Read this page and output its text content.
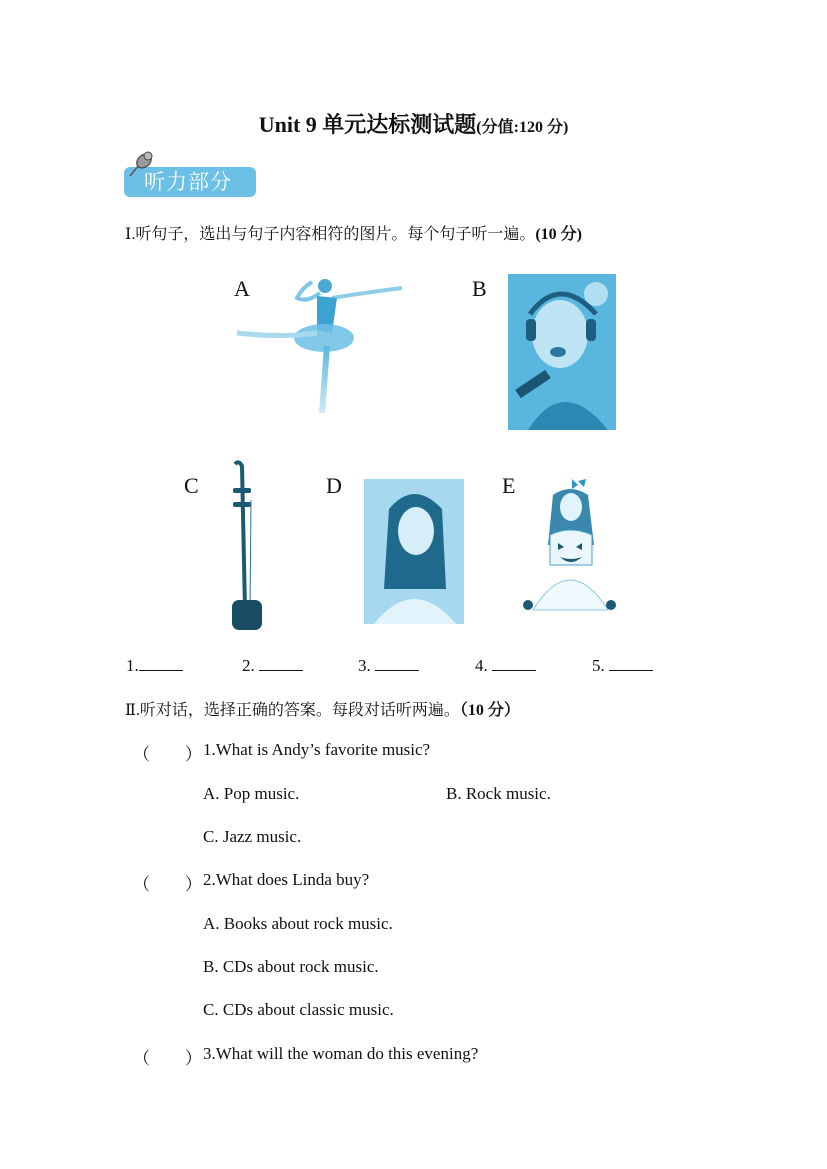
Unit 9 单元达标测试题(分值:120 分)
听力部分
Ⅰ.听句子，选出与句子内容相符的图片。每个句子听一遍。(10 分)
A	B
C	D	E
1.	2.	3.	4.	5.
Ⅱ.听对话，选择正确的答案。每段对话听两遍。（10 分）
（ ） 1.What is Andy’s favorite music?
A. Pop music.	B. Rock music.
C. Jazz music.
（ ） 2.What does Linda buy?
A. Books about rock music.
B. CDs about rock music.
C. CDs about classic music.
（ ） 3.What will the woman do this evening?
